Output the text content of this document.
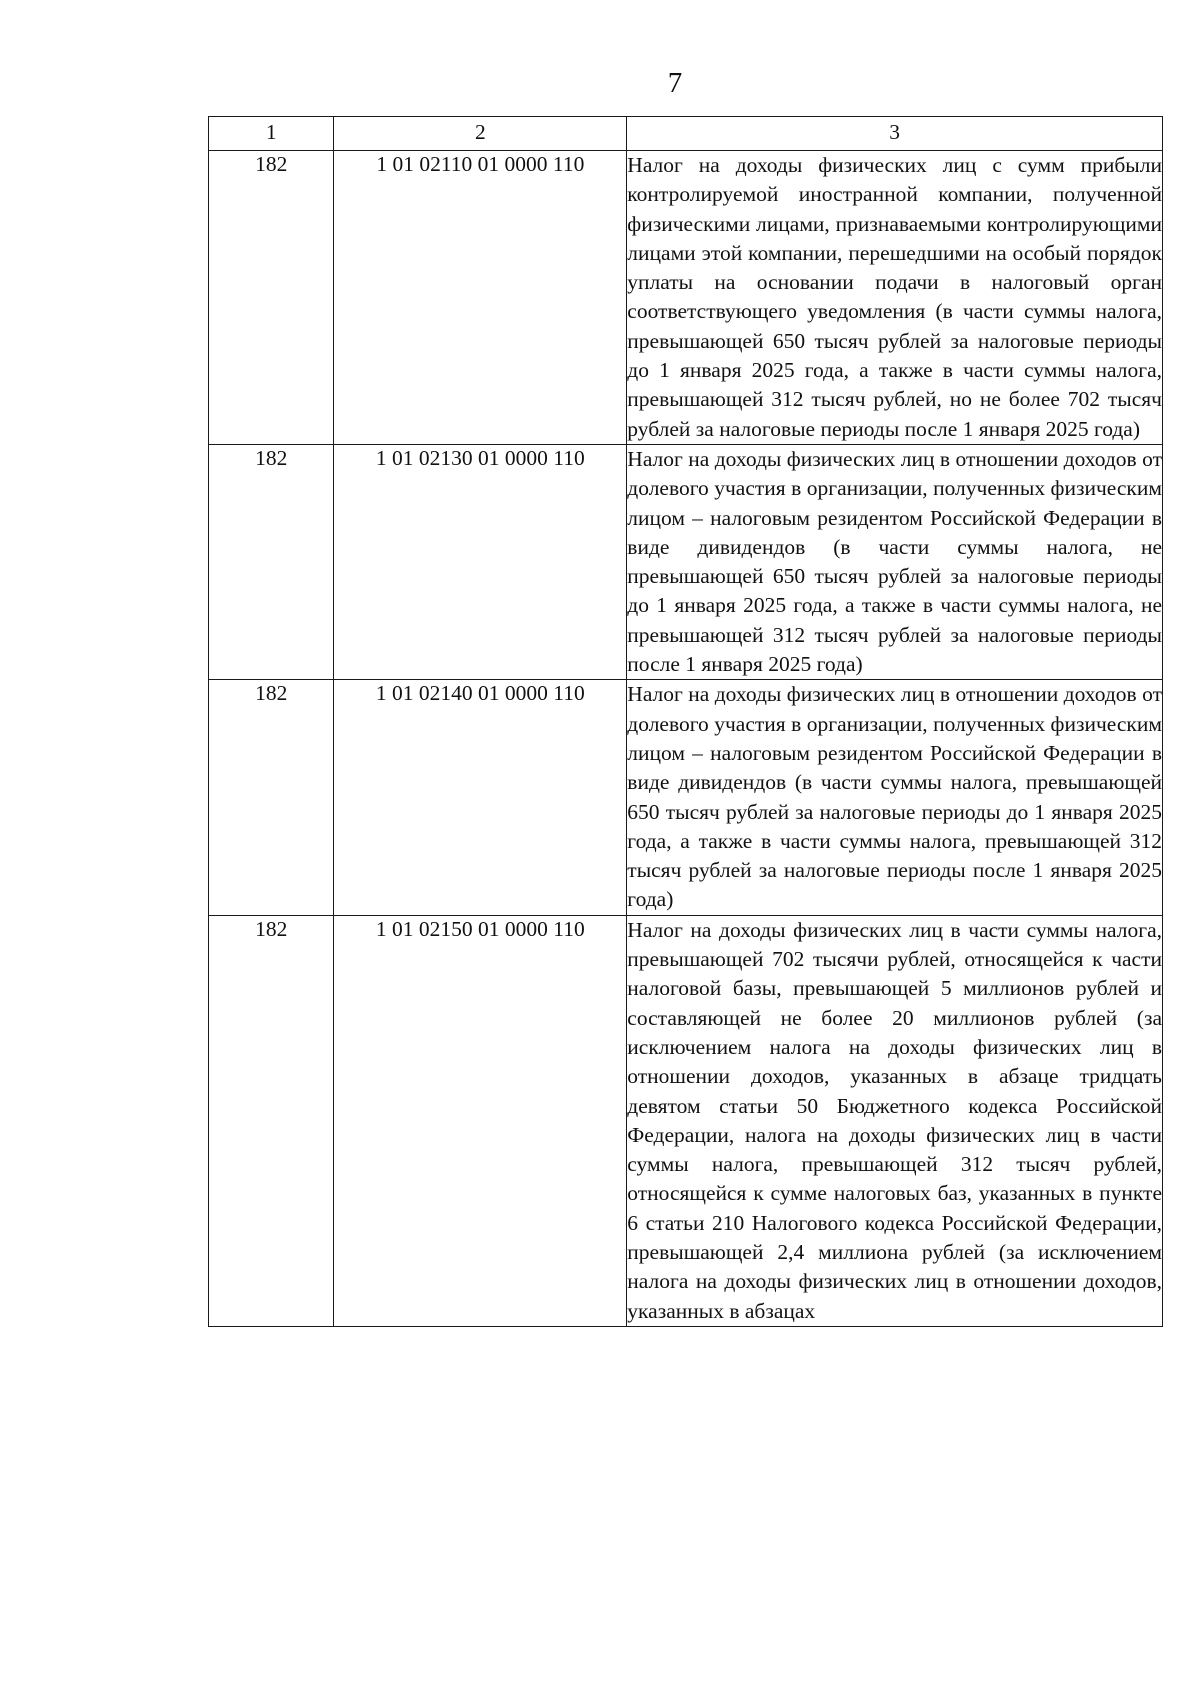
7
1	2	3
182	1 01 02110 01 0000 110	Налог на доходы физических лиц с сумм прибыли контролируемой иностранной компании, полученной физическими лицами, признаваемыми контролирующими лицами этой компании, перешедшими на особый порядок уплаты на основании подачи в налоговый орган соответствующего уведомления (в части суммы налога, превышающей 650 тысяч рублей за налоговые периоды до 1 января 2025 года, а также в части суммы налога, превышающей 312 тысяч рублей, но не более 702 тысяч рублей за налоговые периоды после 1 января 2025 года)
182	1 01 02130 01 0000 110	Налог на доходы физических лиц в отношении доходов от долевого участия в организации, полученных физическим лицом – налоговым резидентом Российской Федерации в виде дивидендов (в части суммы налога, не превышающей 650 тысяч рублей за налоговые периоды до 1 января 2025 года, а также в части суммы налога, не превышающей 312 тысяч рублей за налоговые периоды после 1 января 2025 года)
182	1 01 02140 01 0000 110	Налог на доходы физических лиц в отношении доходов от долевого участия в организации, полученных физическим лицом – налоговым резидентом Российской Федерации в виде дивидендов (в части суммы налога, превышающей 650 тысяч рублей за налоговые периоды до 1 января 2025 года, а также в части суммы налога, превышающей 312 тысяч рублей за налоговые периоды после 1 января 2025 года)
182	1 01 02150 01 0000 110	Налог на доходы физических лиц в части суммы налога, превышающей 702 тысячи рублей, относящейся к части налоговой базы, превышающей 5 миллионов рублей и составляющей не более 20 миллионов рублей (за исключением налога на доходы физических лиц в отношении доходов, указанных в абзаце тридцать девятом статьи 50 Бюджетного кодекса Российской Федерации, налога на доходы физических лиц в части суммы налога, превышающей 312 тысяч рублей, относящейся к сумме налоговых баз, указанных в пункте 6 статьи 210 Налогового кодекса Российской Федерации, превышающей 2,4 миллиона рублей (за исключением налога на доходы физических лиц в отношении доходов, указанных в абзацах
